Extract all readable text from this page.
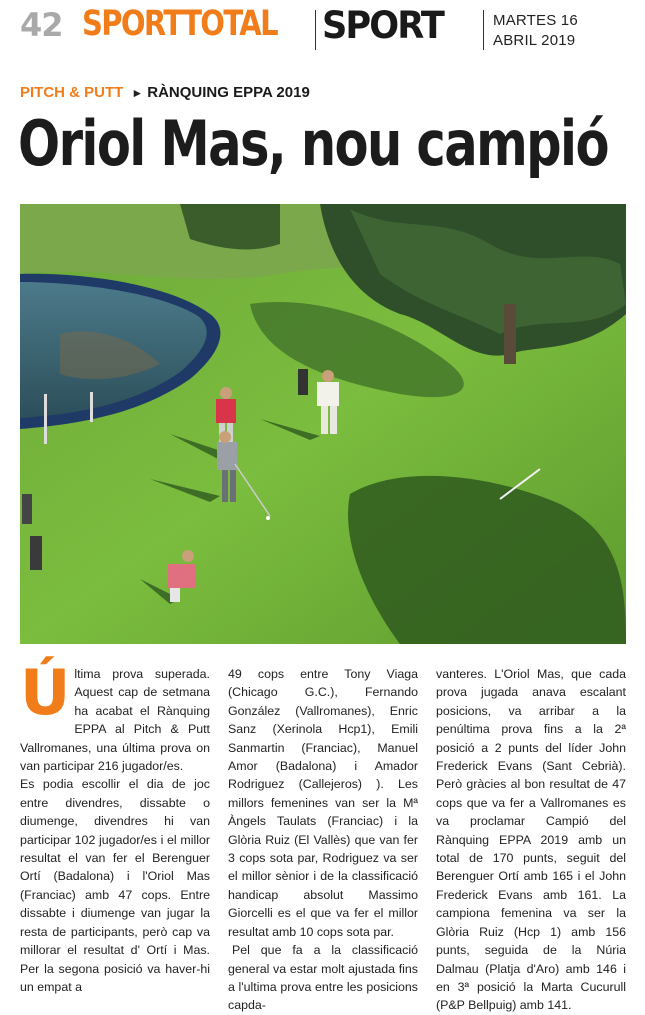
42 SPORTTOTAL SPORT	MARTES 16
ABRIL 2019
PITCH & PUTT ► RÀNQUING EPPA 2019
Oriol Mas, nou campió

Última prova superada. Aquest cap de setmana ha acabat el Rànquing EPPA al Pitch & Putt Vallromanes, una última prova on van participar 216 jugador/es.

Es podia escollir el dia de joc entre divendres, dissabte o diumenge, divendres hi van participar 102 jugador/es i el millor resultat el van fer el Berenguer Ortí (Badalona) i l'Oriol Mas (Franciac) amb 47 cops. Entre dissabte i diumenge van jugar la resta de participants, però cap va millorar el resultat d' Ortí i Mas. Per la segona posició va haver-hi un empat a

49 cops entre Tony Viaga (Chicago G.C.), Fernando González (Vallromanes), Enric Sanz (Xerinola Hcp1), Emili Sanmartin (Franciac), Manuel Amor (Badalona) i Amador Rodriguez (Callejeros) ). Les millors femenines van ser la Mª Àngels Taulats (Franciac) i la Glòria Ruiz (El Vallès) que van fer 3 cops sota par, Rodriguez va ser el millor sènior i de la classificació handicap absolut Massimo Giorcelli es el que va fer el millor resultat amb 10 cops sota par.

Pel que fa a la classificació general va estar molt ajustada fins a l'ultima prova entre les posicions capda-

vanteres. L'Oriol Mas, que cada prova jugada anava escalant posicions, va arribar a la penúltima prova fins a la 2ª posició a 2 punts del líder John Frederick Evans (Sant Cebrià). Però gràcies al bon resultat de 47 cops que va fer a Vallromanes es va proclamar Campió del Rànquing EPPA 2019 amb un total de 170 punts, seguit del Berenguer Ortí amb 165 i el John Frederick Evans amb 161. La campiona femenina va ser la Glòria Ruiz (Hcp 1) amb 156 punts, seguida de la Núria Dalmau (Platja d'Aro) amb 146 i en 3ª posició la Marta Cucurull (P&P Bellpuig) amb 141.
